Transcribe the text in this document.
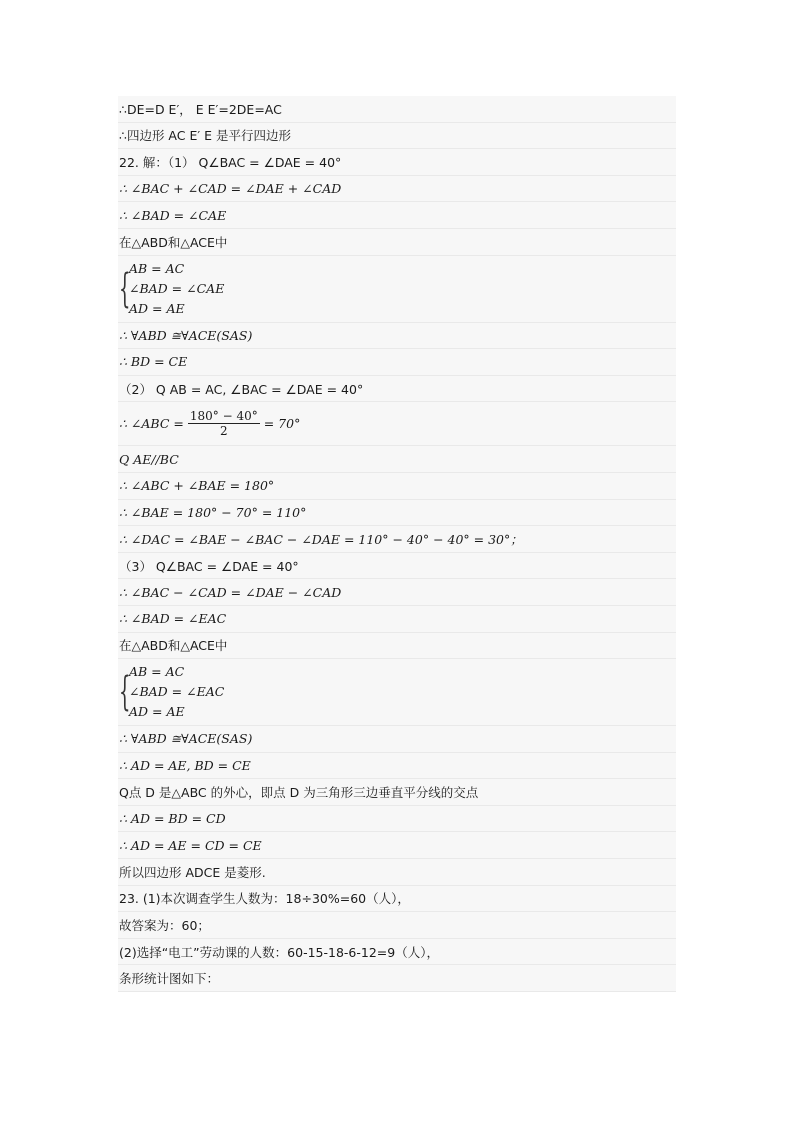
∴DE=D E′， E E′=2DE=AC
∴四边形 AC E′ E 是平行四边形
22. 解：（1） Q∠BAC = ∠DAE = 40°
∴ ∠BAC + ∠CAD = ∠DAE + ∠CAD
∴ ∠BAD = ∠CAE
在△ABD和△ACE中
{
AB = AC
∠BAD = ∠CAE
AD = AE
∴ ∀ABD ≅∀ACE(SAS)
∴ BD = CE
（2） Q AB = AC, ∠BAC = ∠DAE = 40°
∴ ∠ABC = $\frac{180^\circ - 40^\circ}{2} = 70^\circ$
Q AE//BC
∴ ∠ABC + ∠BAE = 180°
∴ ∠BAE = 180° − 70° = 110°
∴ ∠DAC = ∠BAE − ∠BAC − ∠DAE = 110° − 40° − 40° = 30°；
（3） Q∠BAC = ∠DAE = 40°
∴ ∠BAC − ∠CAD = ∠DAE − ∠CAD
∴ ∠BAD = ∠EAC
在△ABD和△ACE中
{
AB = AC
∠BAD = ∠EAC
AD = AE
∴ ∀ABD ≅∀ACE(SAS)
∴ AD = AE, BD = CE
Q点 D 是△ABC 的外心，即点 D 为三角形三边垂直平分线的交点
∴ AD = BD = CD
∴ AD = AE = CD = CE
所以四边形 ADCE 是菱形.
23. (1)本次调查学生人数为：18÷30%=60（人），
故答案为：60；
(2)选择“电工”劳动课的人数：60-15-18-6-12=9（人），
条形统计图如下：
